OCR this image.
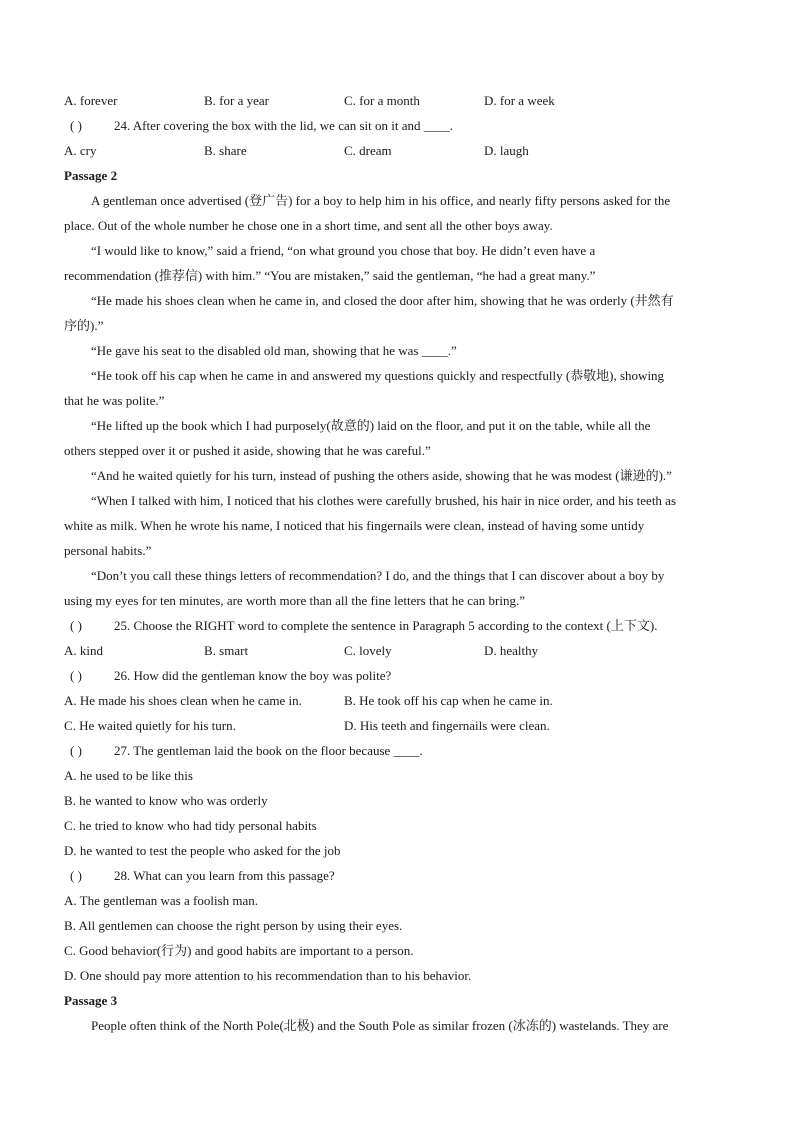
A. forever	B. for a year	C. for a month	D. for a week
( ) 24. After covering the box with the lid, we can sit on it and ____.
A. cry	B. share	C. dream	D. laugh
Passage 2
A gentleman once advertised (登广告) for a boy to help him in his office, and nearly fifty persons asked for the
place. Out of the whole number he chose one in a short time, and sent all the other boys away.
“I would like to know,” said a friend, “on what ground you chose that boy. He didn’t even have a
recommendation (推荐信) with him.” “You are mistaken,” said the gentleman, “he had a great many.”
“He made his shoes clean when he came in, and closed the door after him, showing that he was orderly (井然有
序的).”
“He gave his seat to the disabled old man, showing that he was ____.”
“He took off his cap when he came in and answered my questions quickly and respectfully (恭敬地), showing
that he was polite.”
“He lifted up the book which I had purposely(故意的) laid on the floor, and put it on the table, while all the
others stepped over it or pushed it aside, showing that he was careful.”
“And he waited quietly for his turn, instead of pushing the others aside, showing that he was modest (谦逊的).”
“When I talked with him, I noticed that his clothes were carefully brushed, his hair in nice order, and his teeth as
white as milk. When he wrote his name, I noticed that his fingernails were clean, instead of having some untidy
personal habits.”
“Don’t you call these things letters of recommendation? I do, and the things that I can discover about a boy by
using my eyes for ten minutes, are worth more than all the fine letters that he can bring.”
( ) 25. Choose the RIGHT word to complete the sentence in Paragraph 5 according to the context (上下文).
A. kind	B. smart	C. lovely	D. healthy
( ) 26. How did the gentleman know the boy was polite?
A. He made his shoes clean when he came in.	B. He took off his cap when he came in.
C. He waited quietly for his turn.	D. His teeth and fingernails were clean.
( ) 27. The gentleman laid the book on the floor because ____.
A. he used to be like this
B. he wanted to know who was orderly
C. he tried to know who had tidy personal habits
D. he wanted to test the people who asked for the job
( ) 28. What can you learn from this passage?
A. The gentleman was a foolish man.
B. All gentlemen can choose the right person by using their eyes.
C. Good behavior(行为) and good habits are important to a person.
D. One should pay more attention to his recommendation than to his behavior.
Passage 3
People often think of the North Pole(北极) and the South Pole as similar frozen (冰冻的) wastelands. They are
